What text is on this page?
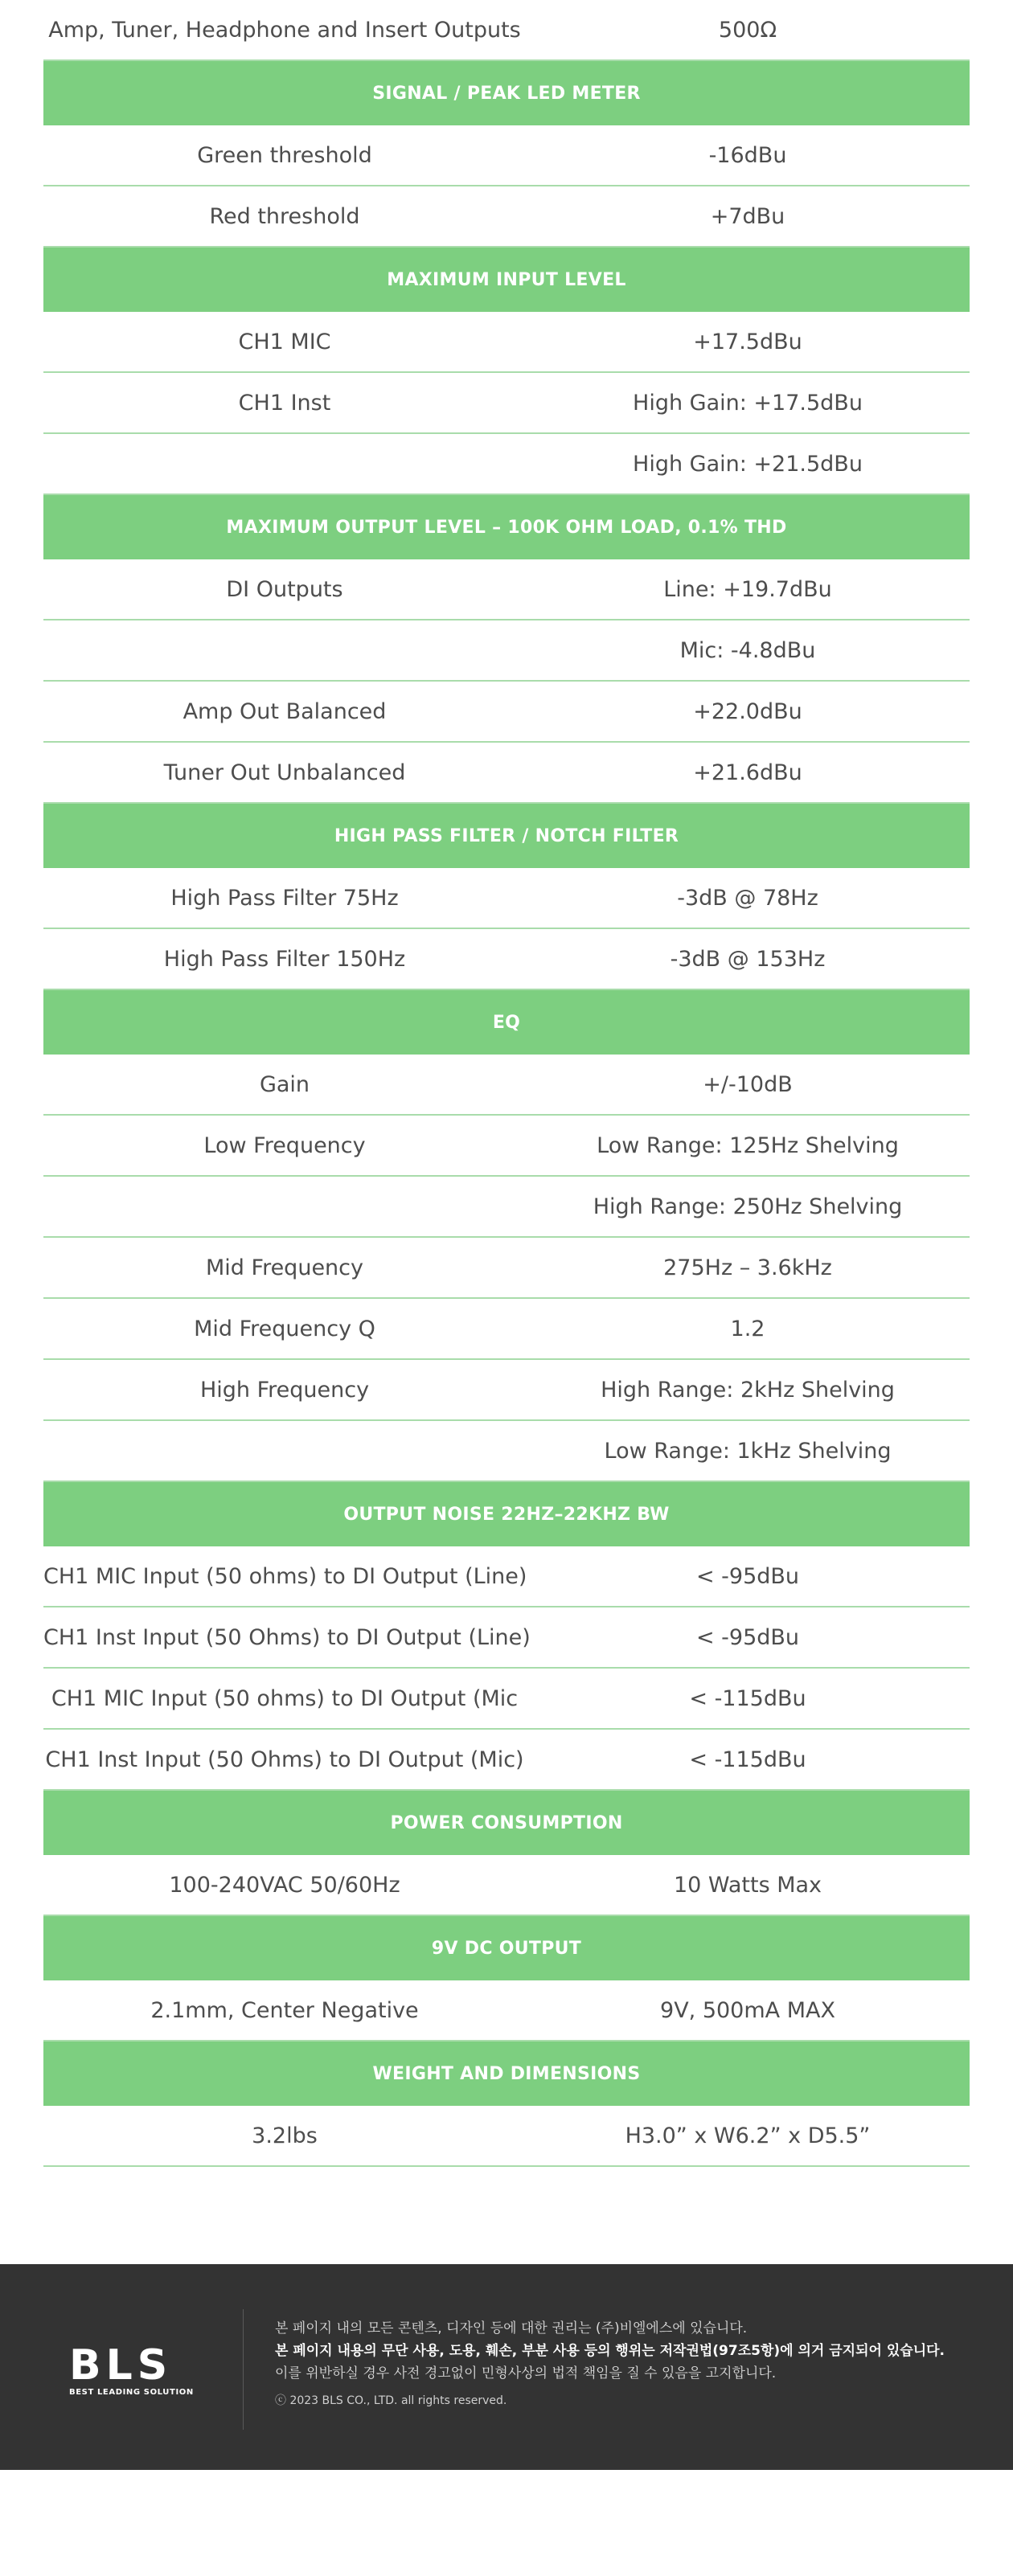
Amp, Tuner, Headphone and Insert Outputs	500Ω
SIGNAL / PEAK LED METER
Green threshold	-16dBu
Red threshold	+7dBu
MAXIMUM INPUT LEVEL
CH1 MIC	+17.5dBu
CH1 Inst	High Gain: +17.5dBu
High Gain: +21.5dBu
MAXIMUM OUTPUT LEVEL – 100K OHM LOAD, 0.1% THD
DI Outputs	Line: +19.7dBu
Mic: -4.8dBu
Amp Out Balanced	+22.0dBu
Tuner Out Unbalanced	+21.6dBu
HIGH PASS FILTER / NOTCH FILTER
High Pass Filter 75Hz	-3dB @ 78Hz
High Pass Filter 150Hz	-3dB @ 153Hz
EQ
Gain	+/-10dB
Low Frequency	Low Range: 125Hz Shelving
High Range: 250Hz Shelving
Mid Frequency	275Hz – 3.6kHz
Mid Frequency Q	1.2
High Frequency	High Range: 2kHz Shelving
Low Range: 1kHz Shelving
OUTPUT NOISE 22HZ–22KHZ BW
CH1 MIC Input (50 ohms) to DI Output (Line)	< -95dBu
CH1 Inst Input (50 Ohms) to DI Output (Line)	< -95dBu
CH1 MIC Input (50 ohms) to DI Output (Mic	< -115dBu
CH1 Inst Input (50 Ohms) to DI Output (Mic)	< -115dBu
POWER CONSUMPTION
100-240VAC 50/60Hz	10 Watts Max
9V DC OUTPUT
2.1mm, Center Negative	9V, 500mA MAX
WEIGHT AND DIMENSIONS
3.2lbs	H3.0” x W6.2” x D5.5”
BLS
BEST LEADING SOLUTION
본 페이지 내의 모든 콘텐츠, 디자인 등에 대한 권리는 (주)비엘에스에 있습니다.
본 페이지 내용의 무단 사용, 도용, 훼손, 부분 사용 등의 행위는 저작권법(97조5항)에 의거 금지되어 있습니다.
이를 위반하실 경우 사전 경고없이 민형사상의 법적 책임을 질 수 있음을 고지합니다.
ⓒ 2023 BLS CO., LTD. all rights reserved.
